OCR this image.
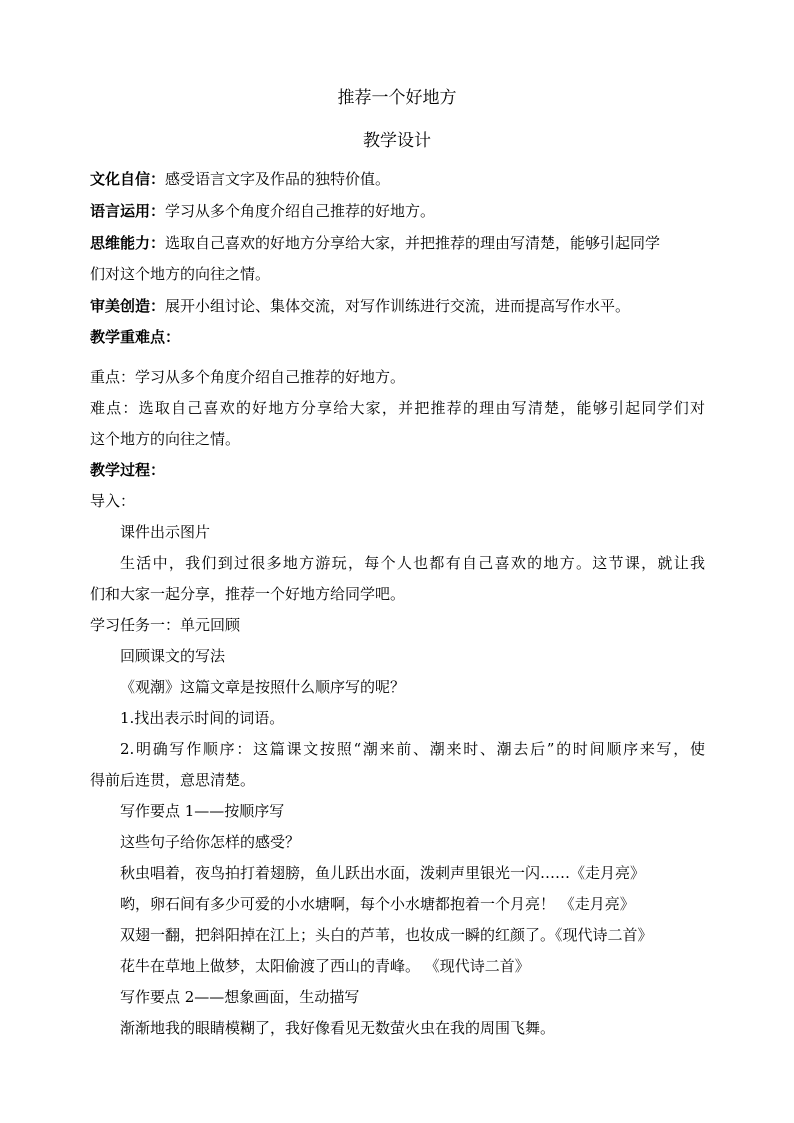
推荐一个好地方
教学设计
文化自信：感受语言文字及作品的独特价值。
语言运用：学习从多个角度介绍自己推荐的好地方。
思维能力：选取自己喜欢的好地方分享给大家，并把推荐的理由写清楚，能够引起同学
们对这个地方的向往之情。
审美创造：展开小组讨论、集体交流，对写作训练进行交流，进而提高写作水平。
教学重难点：
重点：学习从多个角度介绍自己推荐的好地方。
难点：选取自己喜欢的好地方分享给大家，并把推荐的理由写清楚，能够引起同学们对
这个地方的向往之情。
教学过程：
导入：
课件出示图片
生活中，我们到过很多地方游玩，每个人也都有自己喜欢的地方。这节课，就让我
们和大家一起分享，推荐一个好地方给同学吧。
学习任务一：单元回顾
回顾课文的写法
《观潮》这篇文章是按照什么顺序写的呢？
1.找出表示时间的词语。
2.明确写作顺序：这篇课文按照“潮来前、潮来时、潮去后”的时间顺序来写，使
得前后连贯，意思清楚。
写作要点 1——按顺序写
这些句子给你怎样的感受？
秋虫唱着，夜鸟拍打着翅膀，鱼儿跃出水面，泼刺声里银光一闪……《走月亮》
哟，卵石间有多少可爱的小水塘啊，每个小水塘都抱着一个月亮！ 《走月亮》
双翅一翻，把斜阳掉在江上；头白的芦苇，也妆成一瞬的红颜了。《现代诗二首》
花牛在草地上做梦，太阳偷渡了西山的青峰。 《现代诗二首》
写作要点 2——想象画面，生动描写
渐渐地我的眼睛模糊了，我好像看见无数萤火虫在我的周围飞舞。
